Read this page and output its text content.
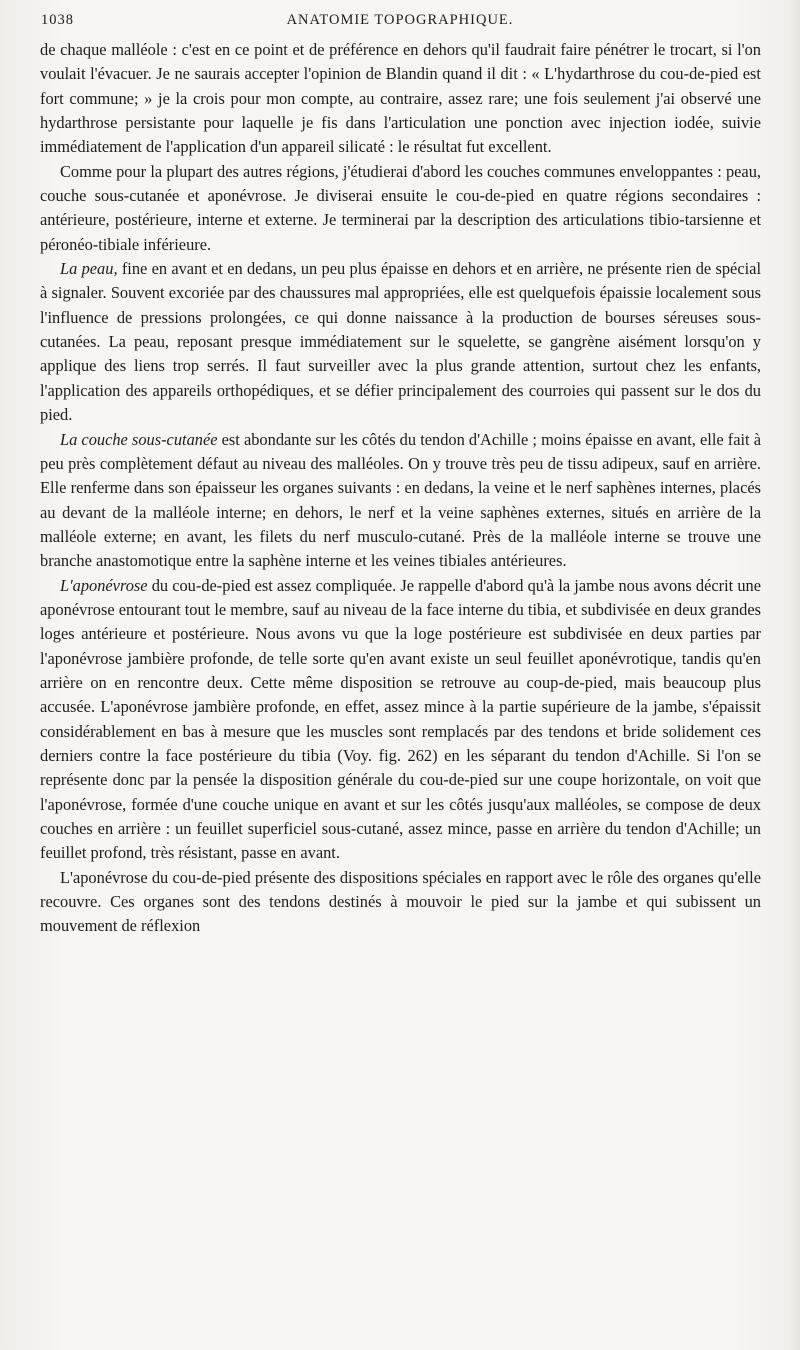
1038	ANATOMIE TOPOGRAPHIQUE.

de chaque malléole : c'est en ce point et de préférence en dehors qu'il faudrait faire pénétrer le trocart, si l'on voulait l'évacuer. Je ne saurais accepter l'opinion de Blandin quand il dit : « L'hydarthrose du cou-de-pied est fort commune; » je la crois pour mon compte, au contraire, assez rare; une fois seulement j'ai observé une hydarthrose persistante pour laquelle je fis dans l'articulation une ponction avec injection iodée, suivie immédiatement de l'application d'un appareil silicaté : le résultat fut excellent.

Comme pour la plupart des autres régions, j'étudierai d'abord les couches communes enveloppantes : peau, couche sous-cutanée et aponévrose. Je diviserai ensuite le cou-de-pied en quatre régions secondaires : antérieure, postérieure, interne et externe. Je terminerai par la description des articulations tibio-tarsienne et péronéo-tibiale inférieure.

La peau, fine en avant et en dedans, un peu plus épaisse en dehors et en arrière, ne présente rien de spécial à signaler. Souvent excoriée par des chaussures mal appropriées, elle est quelquefois épaissie localement sous l'influence de pressions prolongées, ce qui donne naissance à la production de bourses séreuses sous-cutanées. La peau, reposant presque immédiatement sur le squelette, se gangrène aisément lorsqu'on y applique des liens trop serrés. Il faut surveiller avec la plus grande attention, surtout chez les enfants, l'application des appareils orthopédiques, et se défier principalement des courroies qui passent sur le dos du pied.

La couche sous-cutanée est abondante sur les côtés du tendon d'Achille ; moins épaisse en avant, elle fait à peu près complètement défaut au niveau des malléoles. On y trouve très peu de tissu adipeux, sauf en arrière. Elle renferme dans son épaisseur les organes suivants : en dedans, la veine et le nerf saphènes internes, placés au devant de la malléole interne; en dehors, le nerf et la veine saphènes externes, situés en arrière de la malléole externe; en avant, les filets du nerf musculo-cutané. Près de la malléole interne se trouve une branche anastomotique entre la saphène interne et les veines tibiales antérieures.

L'aponévrose du cou-de-pied est assez compliquée. Je rappelle d'abord qu'à la jambe nous avons décrit une aponévrose entourant tout le membre, sauf au niveau de la face interne du tibia, et subdivisée en deux grandes loges antérieure et postérieure. Nous avons vu que la loge postérieure est subdivisée en deux parties par l'aponévrose jambière profonde, de telle sorte qu'en avant existe un seul feuillet aponévrotique, tandis qu'en arrière on en rencontre deux. Cette même disposition se retrouve au coup-de-pied, mais beaucoup plus accusée. L'aponévrose jambière profonde, en effet, assez mince à la partie supérieure de la jambe, s'épaissit considérablement en bas à mesure que les muscles sont remplacés par des tendons et bride solidement ces derniers contre la face postérieure du tibia (Voy. fig. 262) en les séparant du tendon d'Achille. Si l'on se représente donc par la pensée la disposition générale du cou-de-pied sur une coupe horizontale, on voit que l'aponévrose, formée d'une couche unique en avant et sur les côtés jusqu'aux malléoles, se compose de deux couches en arrière : un feuillet superficiel sous-cutané, assez mince, passe en arrière du tendon d'Achille; un feuillet profond, très résistant, passe en avant.

L'aponévrose du cou-de-pied présente des dispositions spéciales en rapport avec le rôle des organes qu'elle recouvre. Ces organes sont des tendons destinés à mouvoir le pied sur la jambe et qui subissent un mouvement de réflexion
